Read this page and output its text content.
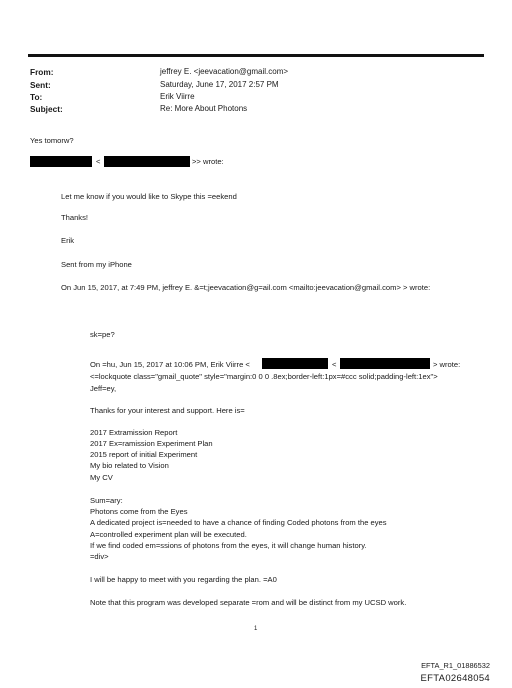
From:	jeffrey E. <jeevacation@gmail.com>
Sent:	Saturday, June 17, 2017 2:57 PM
To:	Erik Viirre
Subject:	Re: More About Photons
Yes tomorw?
<	>> wrote:
Let me know if you would like to Skype this =eekend
Thanks!
Erik
Sent from my iPhone
On Jun 15, 2017, at 7:49 PM, jeffrey E. &=t;jeevacation@g=ail.com <mailto:jeevacation@gmail.com> > wrote:
sk=pe?
On =hu, Jun 15, 2017 at 10:06 PM, Erik Viirre <	<	> wrote:
<=lockquote class="gmail_quote" style="margin:0 0 0 .8ex;border-left:1px=#ccc solid;padding-left:1ex">
Jeff=ey,
Thanks for your interest and support. Here is=
2017 Extramission Report
2017 Ex=ramission Experiment Plan
2015 report of initial Experiment
My bio related to Vision
My CV
Sum=ary:
Photons come from the Eyes
A dedicated project is=needed to have a chance of finding Coded photons from the eyes
A=controlled experiment plan will be executed.
If we find coded em=ssions of photons from the eyes, it will change human history.
=div>
I will be happy to meet with you regarding the plan. =A0
Note that this program was developed separate =rom and will be distinct from my UCSD work.
1
EFTA_R1_01886532
EFTA02648054
